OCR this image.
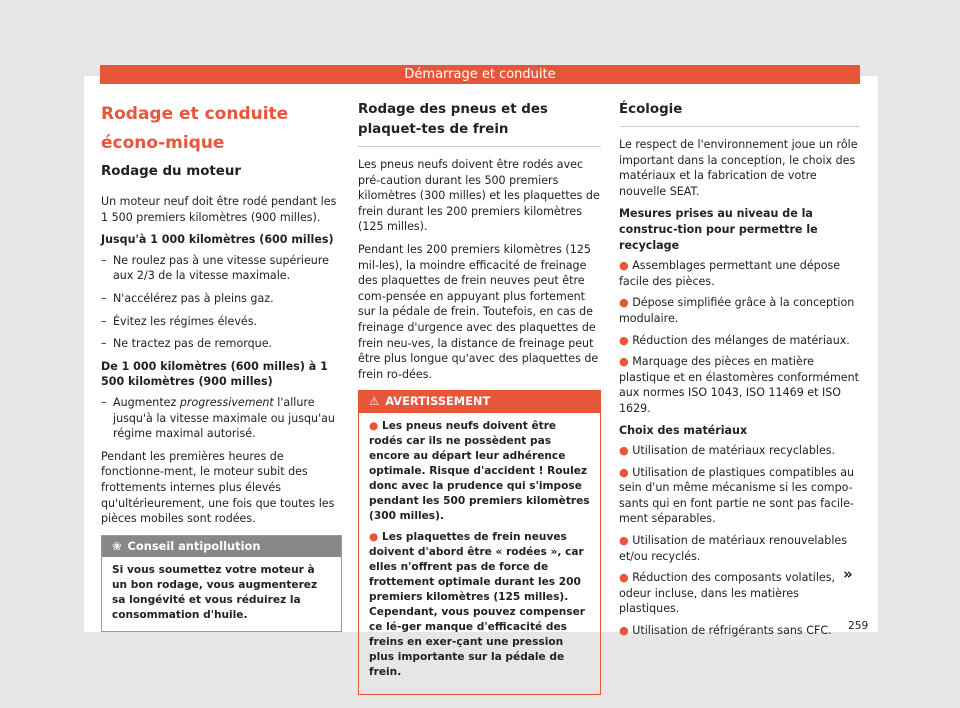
Démarrage et conduite
Rodage et conduite écono-mique
Rodage du moteur

Un moteur neuf doit être rodé pendant les 1 500 premiers kilomètres (900 milles).

Jusqu'à 1 000 kilomètres (600 milles)

– Ne roulez pas à une vitesse supérieure aux 2/3 de la vitesse maximale.
– N'accélérez pas à pleins gaz.
– Évitez les régimes élevés.
– Ne tractez pas de remorque.

De 1 000 kilomètres (600 milles) à 1 500 kilomètres (900 milles)

– Augmentez progressivement l'allure jusqu'à la vitesse maximale ou jusqu'au régime maximal autorisé.

Pendant les premières heures de fonctionne-ment, le moteur subit des frottements internes plus élevés qu'ultérieurement, une fois que toutes les pièces mobiles sont rodées.

❀ Conseil antipollution
Si vous soumettez votre moteur à un bon rodage, vous augmenterez sa longévité et vous réduirez la consommation d'huile.
Rodage des pneus et des plaquet-tes de frein

Les pneus neufs doivent être rodés avec pré-caution durant les 500 premiers kilomètres (300 milles) et les plaquettes de frein durant les 200 premiers kilomètres (125 milles).

Pendant les 200 premiers kilomètres (125 mil-les), la moindre efficacité de freinage des plaquettes de frein neuves peut être com-pensée en appuyant plus fortement sur la pédale de frein. Toutefois, en cas de freinage d'urgence avec des plaquettes de frein neu-ves, la distance de freinage peut être plus longue qu'avec des plaquettes de frein ro-dées.

⚠ AVERTISSEMENT

● Les pneus neufs doivent être rodés car ils ne possèdent pas encore au départ leur adhérence optimale. Risque d'accident ! Roulez donc avec la prudence qui s'impose pendant les 500 premiers kilomètres (300 milles).

● Les plaquettes de frein neuves doivent d'abord être « rodées », car elles n'offrent pas de force de frottement optimale durant les 200 premiers kilomètres (125 milles). Cependant, vous pouvez compenser ce lé-ger manque d'efficacité des freins en exer-çant une pression plus importante sur la pédale de frein.

Écologie

Le respect de l'environnement joue un rôle important dans la conception, le choix des matériaux et la fabrication de votre nouvelle SEAT.

Mesures prises au niveau de la construc-tion pour permettre le recyclage

● Assemblages permettant une dépose facile des pièces.

● Dépose simplifiée grâce à la conception modulaire.

● Réduction des mélanges de matériaux.

● Marquage des pièces en matière plastique et en élastomères conformément aux normes ISO 1043, ISO 11469 et ISO 1629.

Choix des matériaux

● Utilisation de matériaux recyclables.

● Utilisation de plastiques compatibles au sein d'un même mécanisme si les compo-sants qui en font partie ne sont pas facile-ment séparables.

● Utilisation de matériaux renouvelables et/ou recyclés.

● Réduction des composants volatiles, odeur incluse, dans les matières plastiques.

● Utilisation de réfrigérants sans CFC.

»
259
